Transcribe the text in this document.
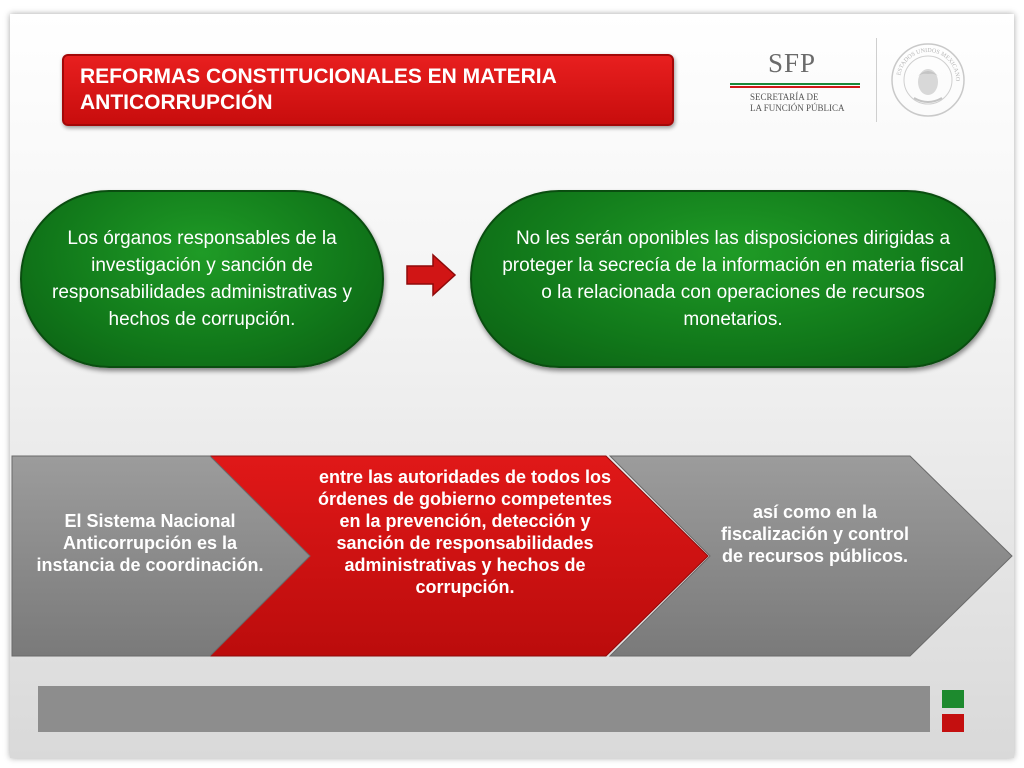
REFORMAS CONSTITUCIONALES EN MATERIA
ANTICORRUPCIÓN
SFP
SECRETARÍA DE
LA FUNCIÓN PÚBLICA
ESTADOS UNIDOS MEXICANO
Los órganos responsables de la investigación y sanción de responsabilidades administrativas y hechos de corrupción.
No les serán oponibles las disposiciones dirigidas a proteger la secrecía de la información en materia fiscal o la relacionada con operaciones de recursos monetarios.
El Sistema Nacional Anticorrupción es la instancia de coordinación.
entre las autoridades de todos los órdenes de gobierno competentes en la prevención, detección y sanción de responsabilidades administrativas y hechos de corrupción.
así como en la fiscalización y control de recursos públicos.
